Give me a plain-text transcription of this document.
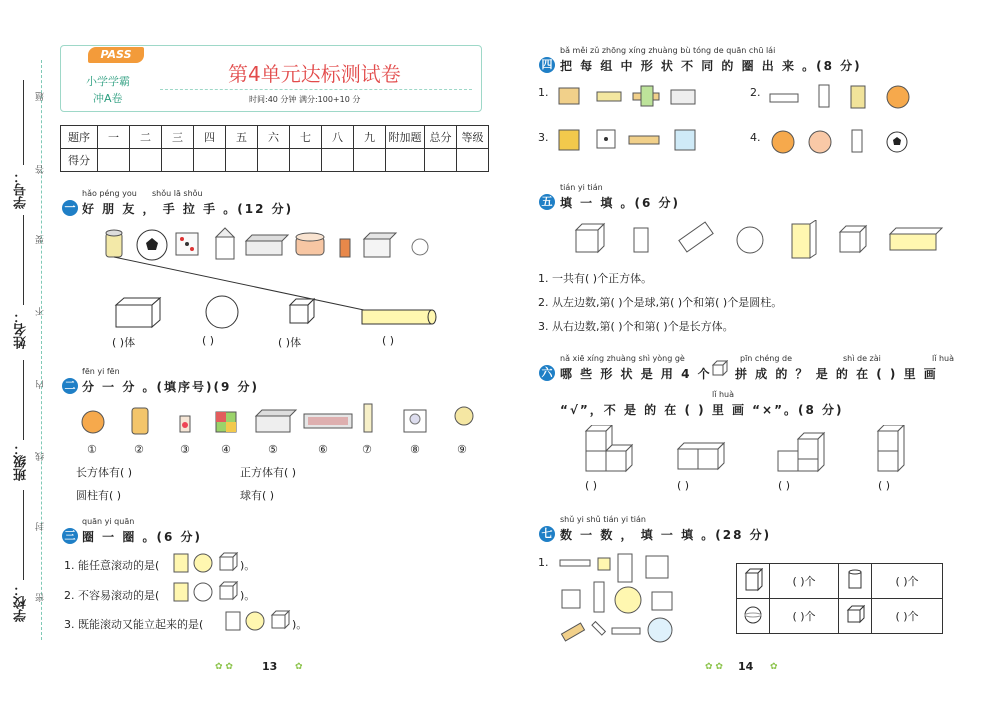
学号：
姓名：
班级：
学校：
题
答
要
不
内
线
封
密
PASS
小学学霸
冲A卷
第4单元达标测试卷
时间:40 分钟 满分:100+10 分
题序	一	二	三	四	五	六	七	八	九	附加题	总分	等级
得分												
hǎo péng you shǒu lā shǒu
一 好 朋 友 ， 手 拉 手 。(12 分)
( )体	( )	( )体	( )
fēn yi fēn
二 分 一 分 。(填序号)(9 分)
①	②	③	④	⑤	⑥	⑦	⑧	⑨
长方体有( )	正方体有( )
圆柱有( )	球有( )
quān yi quān
三 圈 一 圈 。(6 分)
1. 能任意滚动的是(	)。
2. 不容易滚动的是(	)。
3. 既能滚动又能立起来的是(	)。
✿ ✿	13 ✿
bǎ měi zǔ zhōng xíng zhuàng bù tóng de quān chū lái
四 把 每 组 中 形 状 不 同 的 圈 出 来 。(8 分)
1.	2.
3.	4.
tián yi tián
五 填 一 填 。(6 分)
1. 一共有( )个正方体。
2. 从左边数,第( )个是球,第( )个和第( )个是圆柱。
3. 从右边数,第( )个和第( )个是长方体。
nǎ xiē xíng zhuàng shì yòng gè	pīn chéng de	shì de zài	lǐ huà
六 哪 些 形 状 是 用 4 个 拼 成 的 ？ 是 的 在 ( ) 里 画
lǐ huà
“√”，不 是 的 在 ( ) 里 画 “×”。(8 分)
( )	( )	( )	( )
shǔ yi shǔ tián yi tián
七 数 一 数 ， 填 一 填 。(28 分)
1.
	( )个		( )个
	( )个		( )个
✿ ✿ 14 ✿
